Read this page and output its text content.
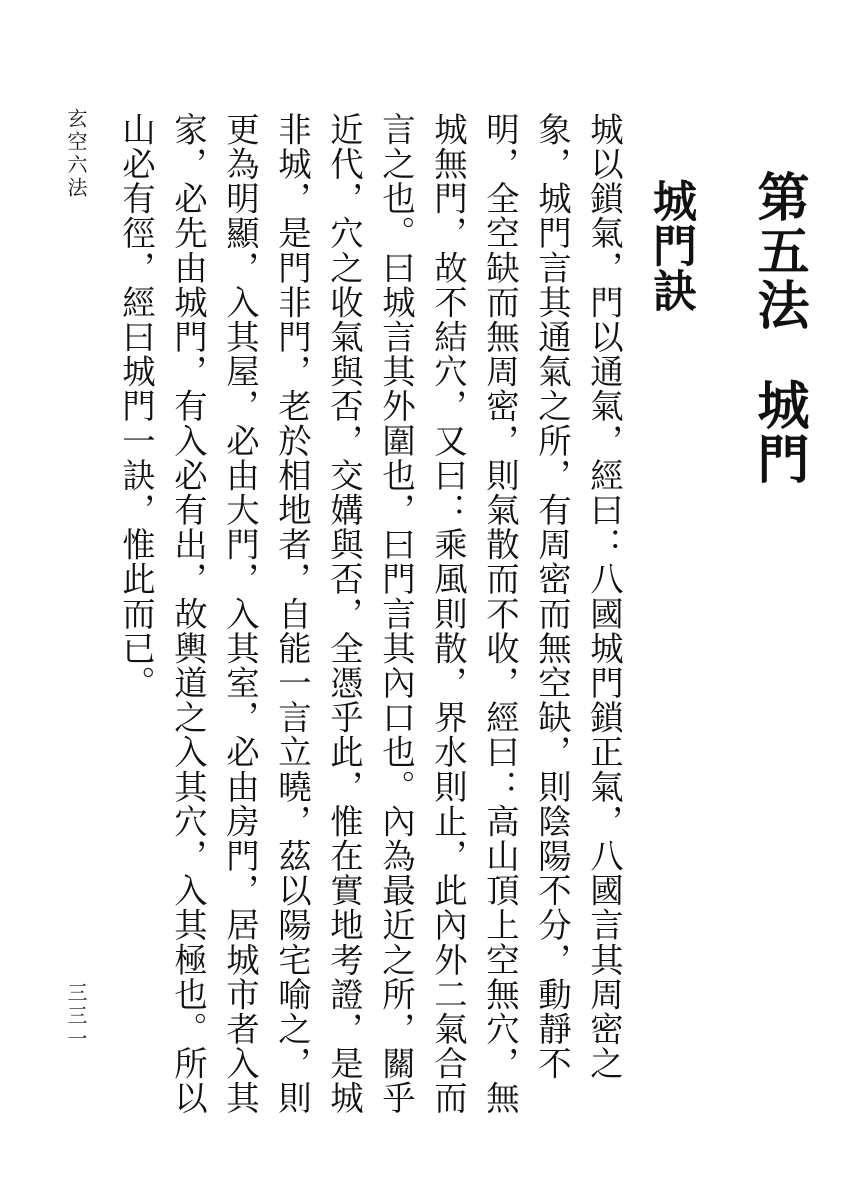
第五法城門
城門訣

城以鎖氣，門以通氣，經曰：八國城門鎖正氣，八國言其周密之象，城門言其通氣之所，有周密而無空缺，則陰陽不分，動靜不明，全空缺而無周密，則氣散而不收，經曰：高山頂上空無穴，無城無門，故不結穴，又曰：乘風則散，界水則止，此內外二氣合而言之也。曰城言其外圍也，曰門言其內口也。內為最近之所，關乎近代，穴之收氣與否，交媾與否，全憑乎此，惟在實地考證，是城非城，是門非門，老於相地者，自能一言立曉，茲以陽宅喻之，則更為明顯，入其屋，必由大門，入其室，必由房門，居城市者入其家，必先由城門，有入必有出，故輿道之入其穴，入其極也。所以山必有徑，經曰城門一訣，惟此而已。

玄空六法
三三一
